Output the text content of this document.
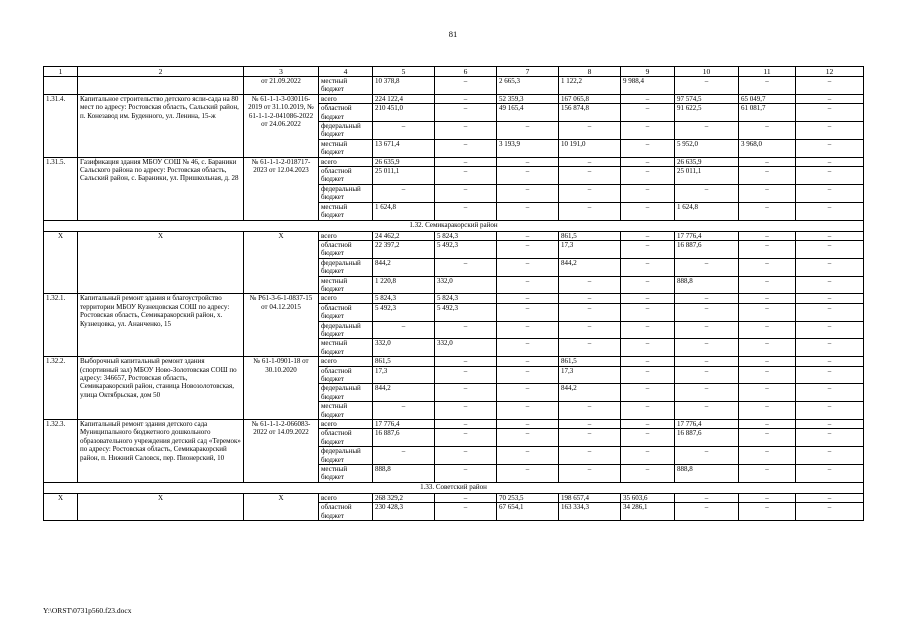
81
1	2	3	4	5	6	7	8	9	10	11	12
		от 21.09.2022	местный бюджет	10 378,8	–	2 665,3	1 122,2	9 988,4	–	–	–
1.31.4.	Капитальное строительство детского ясли-сада на 80 мест по адресу: Ростовская область, Сальский район, п. Конезавод им. Буденного, ул. Ленина, 15-ж	№ 61-1-1-3-030116-2019 от 31.10.2019, № 61-1-1-2-041086-2022 от 24.06.2022	всего	224 122,4	–	52 359,3	167 065,8	–	97 574,5	65 049,7	–
			областной бюджет	210 451,0	–	49 165,4	156 874,8	–	91 622,5	61 081,7	–
			федеральный бюджет	–	–	–	–	–	–	–	–
			местный бюджет	13 671,4	–	3 193,9	10 191,0	–	5 952,0	3 968,0	–
1.31.5.	Газификация здания МБОУ СОШ № 46, с. Бараники Сальского района по адресу: Ростовская область, Сальский район, с. Бараники, ул. Пришкольная, д. 28	№ 61-1-1-2-018717-2023 от 12.04.2023	всего	26 635,9	–	–	–	–	26 635,9	–	–
			областной бюджет	25 011,1	–	–	–	–	25 011,1	–	–
			федеральный бюджет	–	–	–	–	–	–	–	–
			местный бюджет	1 624,8	–	–	–	–	1 624,8	–	–
1.32. Семикаракорский район											
Х	Х	Х	всего	24 462,2	5 824,3	–	861,5	–	17 776,4	–	–
			областной бюджет	22 397,2	5 492,3	–	17,3	–	16 887,6	–	–
			федеральный бюджет	844,2	–	–	844,2	–	–	–	–
			местный бюджет	1 220,8	332,0	–	–	–	888,8	–	–
1.32.1.	Капитальный ремонт здания и благоустройство территории МБОУ Кузнецовская СОШ по адресу: Ростовская область, Семикаракорский район, х. Кузнецовка, ул. Ананченко, 15	№ Р61-3-6-1-0837-15 от 04.12.2015	всего	5 824,3	5 824,3	–	–	–	–	–	–
			областной бюджет	5 492,3	5 492,3	–	–	–	–	–	–
			федеральный бюджет	–	–	–	–	–	–	–	–
			местный бюджет	332,0	332,0	–	–	–	–	–	–
1.32.2.	Выборочный капитальный ремонт здания (спортивный зал) МБОУ Ново-Золотовская СОШ по адресу: 346657, Ростовская область, Семикаракорский район, станица Новозолотовская, улица Октябрьская, дом 50	№ 61-1-0901-18 от 30.10.2020	всего	861,5	–	–	861,5	–	–	–	–
			областной бюджет	17,3	–	–	17,3	–	–	–	–
			федеральный бюджет	844,2	–	–	844,2	–	–	–	–
			местный бюджет	–	–	–	–	–	–	–	–
1.32.3.	Капитальный ремонт здания детского сада Муниципального бюджетного дошкольного образовательного учреждения детский сад «Теремок» по адресу: Ростовская область, Семикаракорский район, п. Нижний Саловск, пер. Пионерский, 10	№ 61-1-1-2-066083-2022 от 14.09.2022	всего	17 776,4	–	–	–	–	17 776,4	–	–
			областной бюджет	16 887,6	–	–	–	–	16 887,6	–	–
			федеральный бюджет	–	–	–	–	–	–	–	–
			местный бюджет	888,8	–	–	–	–	888,8	–	–
1.33. Советский район											
Х	Х	Х	всего	268 329,2	–	70 253,5	198 657,4	35 603,6	–	–	–
			областной бюджет	230 428,3	–	67 654,1	163 334,3	34 286,1	–	–	–
Y:\ORST\0731p560.f23.docx
